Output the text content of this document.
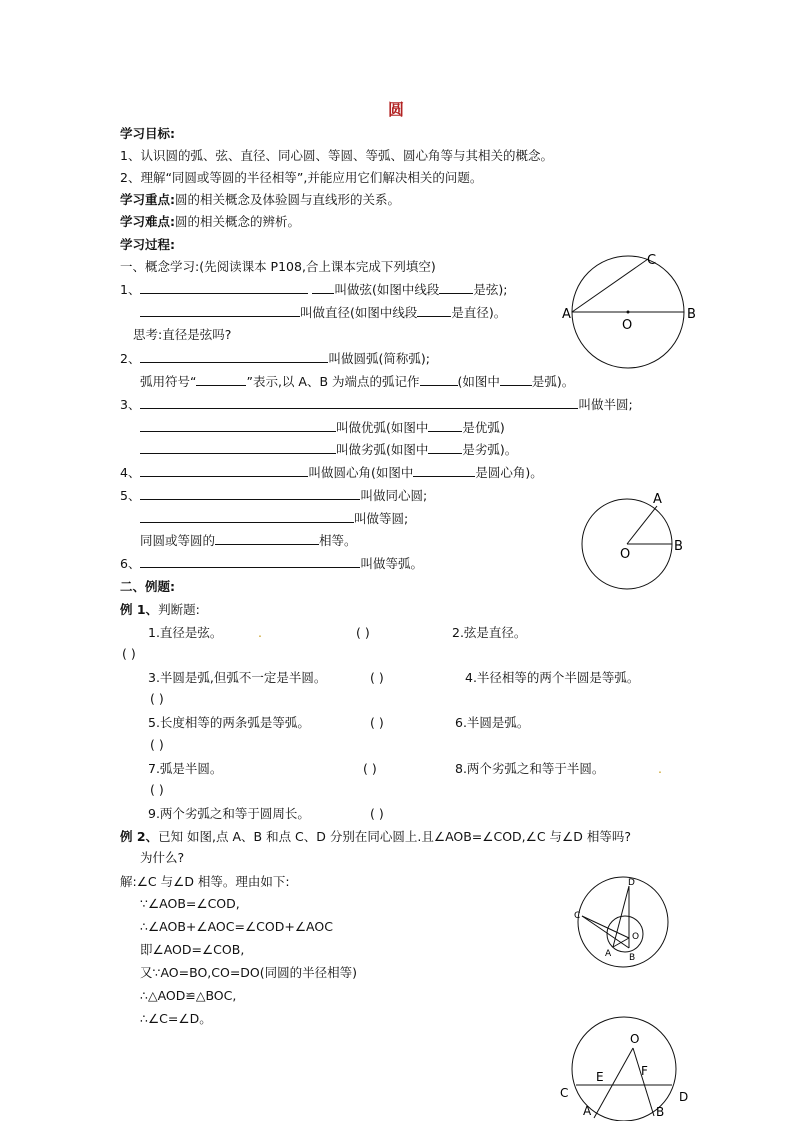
圆
学习目标:
1、认识圆的弧、弦、直径、同心圆、等圆、等弧、圆心角等与其相关的概念。
2、理解“同圆或等圆的半径相等”,并能应用它们解决相关的问题。
学习重点:圆的相关概念及体验圆与直线形的关系。
学习难点:圆的相关概念的辨析。
学习过程:
一、概念学习:(先阅读课本 P108,合上课本完成下列填空)
1、	叫做弦(如图中线段	是弦);
叫做直径(如图中线段	是直径)。
思考:直径是弦吗?
2、	叫做圆弧(简称弧);
弧用符号“	”表示,以 A、B 为端点的弧记作	(如图中	是弧)。
3、	叫做半圆;
叫做优弧(如图中	是优弧)
叫做劣弧(如图中	是劣弧)。
4、	叫做圆心角(如图中	是圆心角)。
5、	叫做同心圆;
叫做等圆;
同圆或等圆的	相等。
6、	叫做等弧。
二、例题:
例 1、判断题:
1.直径是弦。	.	( )	2.弦是直径。
( )
3.半圆是弧,但弧不一定是半圆。	( )	4.半径相等的两个半圆是等弧。
( )
5.长度相等的两条弧是等弧。	( )	6.半圆是弧。
( )
7.弧是半圆。	( )	8.两个劣弧之和等于半圆。	.
( )
9.两个劣弧之和等于圆周长。	( )
例 2、已知 如图,点 A、B 和点 C、D 分别在同心圆上.且∠AOB=∠COD,∠C 与∠D 相等吗?
为什么?
解:∠C 与∠D 相等。理由如下:
∵∠AOB=∠COD,
∴∠AOB+∠AOC=∠COD+∠AOC
即∠AOD=∠COB,
又∵AO=BO,CO=DO(同圆的半径相等)
∴△AOD≌△BOC,
∴∠C=∠D。
A	B
C
O
A
B
O
D
C
O
A B
O
E	F
C	D
A	B
